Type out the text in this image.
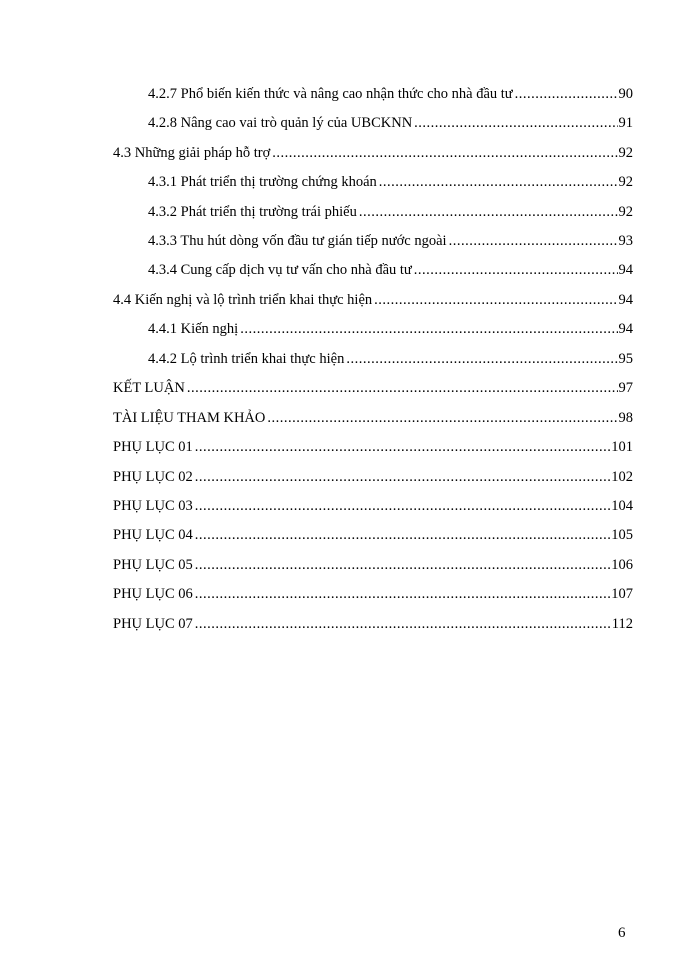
4.2.7 Phổ biến kiến thức và nâng cao nhận thức cho nhà đầu tư .....	90
4.2.8 Nâng cao vai trò quản lý của UBCKNN .....	91
4.3 Những giải pháp hỗ trợ .....	92
4.3.1 Phát triển thị trường chứng khoán .....	92
4.3.2 Phát triển thị trường trái phiếu .....	92
4.3.3 Thu hút dòng vốn đầu tư gián tiếp nước ngoài .....	93
4.3.4 Cung cấp dịch vụ tư vấn cho nhà đầu tư .....	94
4.4 Kiến nghị và lộ trình triển khai thực hiện .....	94
4.4.1 Kiến nghị .....	94
4.4.2 Lộ trình triển khai thực hiện .....	95
KẾT LUẬN .....	97
TÀI LIỆU THAM KHẢO .....	98
PHỤ LỤC 01 .....	101
PHỤ LỤC 02 .....	102
PHỤ LỤC 03 .....	104
PHỤ LỤC 04 .....	105
PHỤ LỤC 05 .....	106
PHỤ LỤC 06 .....	107
PHỤ LỤC 07 .....	112
6
